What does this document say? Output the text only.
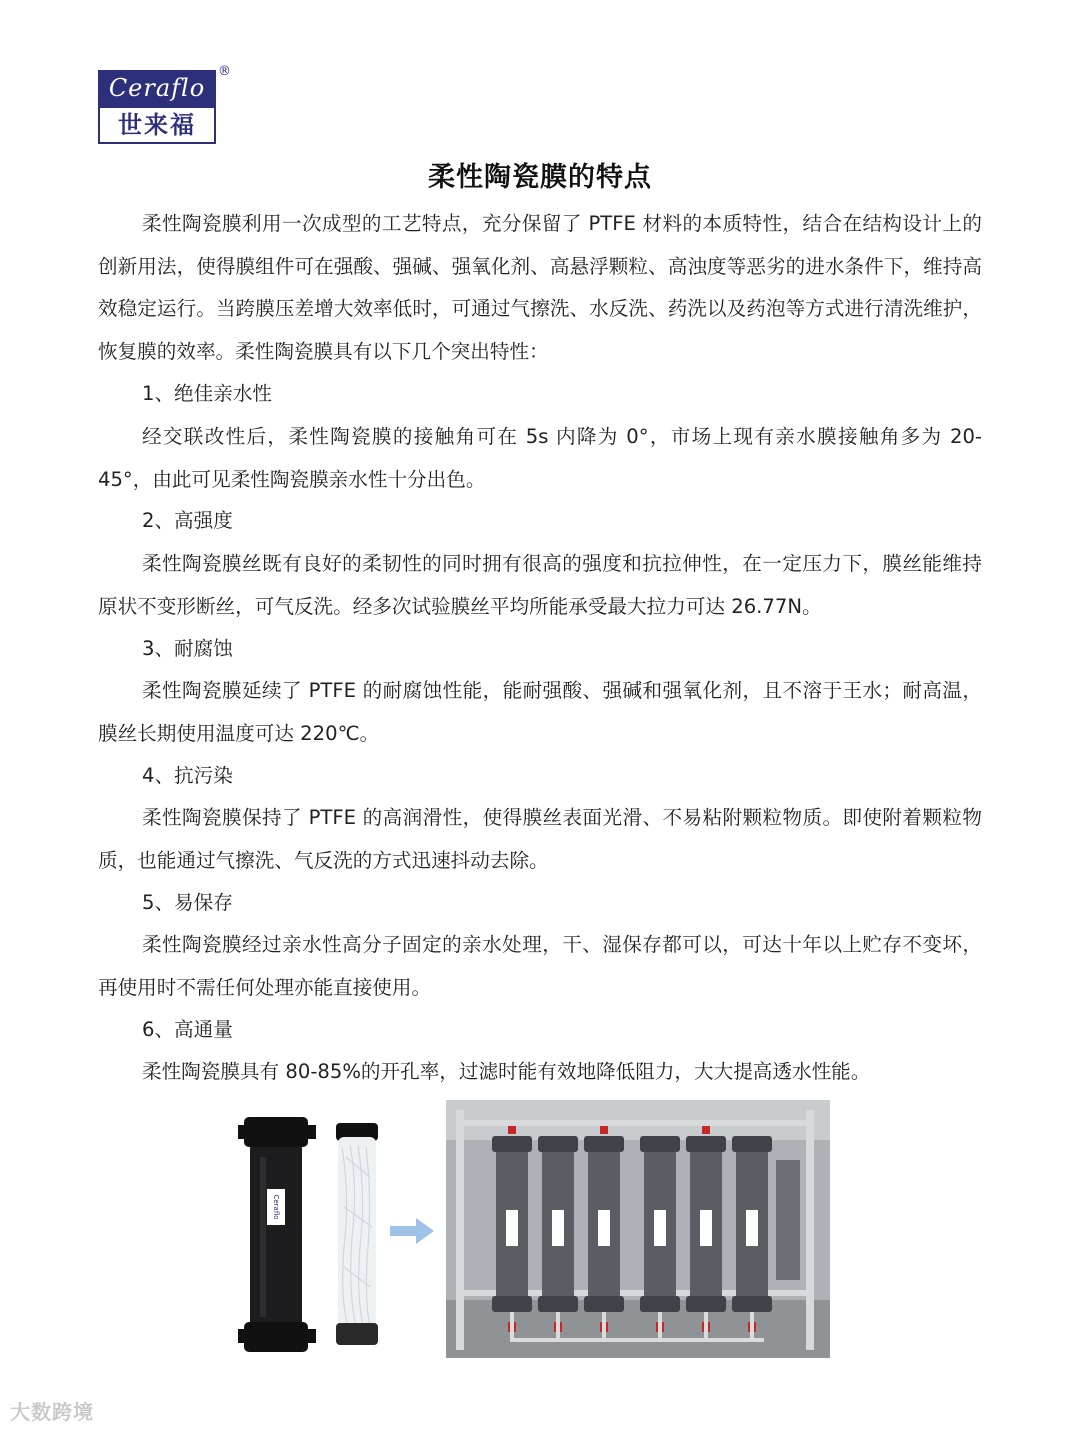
Ceraflo
世来福
®
柔性陶瓷膜的特点

柔性陶瓷膜利用一次成型的工艺特点，充分保留了 PTFE 材料的本质特性，结合在结构设计上的创新用法，使得膜组件可在强酸、强碱、强氧化剂、高悬浮颗粒、高浊度等恶劣的进水条件下，维持高效稳定运行。当跨膜压差增大效率低时，可通过气擦洗、水反洗、药洗以及药泡等方式进行清洗维护，恢复膜的效率。柔性陶瓷膜具有以下几个突出特性：

1、绝佳亲水性

经交联改性后，柔性陶瓷膜的接触角可在 5s 内降为 0°，市场上现有亲水膜接触角多为 20-45°，由此可见柔性陶瓷膜亲水性十分出色。

2、高强度

柔性陶瓷膜丝既有良好的柔韧性的同时拥有很高的强度和抗拉伸性，在一定压力下，膜丝能维持原状不变形断丝，可气反洗。经多次试验膜丝平均所能承受最大拉力可达 26.77N。

3、耐腐蚀

柔性陶瓷膜延续了 PTFE 的耐腐蚀性能，能耐强酸、强碱和强氧化剂，且不溶于王水；耐高温，膜丝长期使用温度可达 220℃。

4、抗污染

柔性陶瓷膜保持了 PTFE 的高润滑性，使得膜丝表面光滑、不易粘附颗粒物质。即使附着颗粒物质，也能通过气擦洗、气反洗的方式迅速抖动去除。

5、易保存

柔性陶瓷膜经过亲水性高分子固定的亲水处理，干、湿保存都可以，可达十年以上贮存不变坏，再使用时不需任何处理亦能直接使用。

6、高通量

柔性陶瓷膜具有 80-85%的开孔率，过滤时能有效地降低阻力，大大提高透水性能。

Ceraflo
大数跨境
